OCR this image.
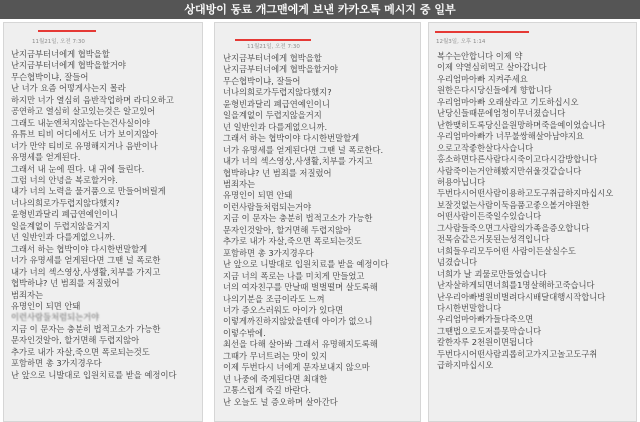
상대방이 동료 개그맨에게 보낸 카카오톡 메시지 중 일부
11월21일, 오전 7:30
난지금부터너에게 협박을할
난지금부터너에게 협박을할거야
무슨협박이냐, 잘들어
난 너가 요즘 어떻게사는지 몰라
하지만 너가 열심히 음반작업하며 라디오하고
공연하고 열심히 살고있는것은 알고있어
그래도 내눈엔쳐지않는다는건사실이야
유튜브 티비 어디에서도 너가 보이지않아
너가 만약 티비로 유명해지거나 음반이나
유명세를 얻게된다.
그래서 내 눈에 띈다. 내 귀에 들린다.
그럼 너의 안녕을 복로할거야.
내가 너의 노력을 물거품으로 만들어버릴게
너나의희로가두렵지않다했지?
윤형빈과달리 폐급연예인이니
일을계없이 두렵지않을거지
넌 일반인과 다를게없으니까.
그래서 하는 협박이야 다시한번말할게
너가 유명세를 얻게된다면 그땐 널 폭로한
내가 너의 섹스영상,사생활,치부를 가지고
협박하냐? 넌 범죄를 저질렀어
범죄자는
유명인이 되면 안돼
이런사람들처럼되는거야
지금 이 문자는 충분히 법적고소가 가능한
문자인것알아, 할거면해 두렵지않아
추가로 내가 자살,죽으면 폭로되는것도
포함하면 총 3가지경우다
난 앞으로 니발대로 입원치료를 받을 예정이다
11월21일, 오전 7:30
난지금부터너에게 협박을할
난지금부터너에게 협박을할거야
무슨협박이냐, 잘들어
너나의희로가두렵지않다했지?
윤형빈과달리 폐급연예인이니
일을계없이 두렵지않을거지
넌 일반인과 다를게없으니까.
그래서 하는 협박이야 다시한번말할게
너가 유명세를 얻게된다면 그땐 널 폭로한다.
내가 너의 섹스영상,사생활,치부를 가지고
협박하냐? 넌 범죄를 저질렀어
범죄자는
유명인이 되면 안돼
이런사람들처럼되는거야
지금 이 문자는 충분히 법적고소가 가능한
문자인것알아, 할거면해 두렵지않아
추가로 내가 자살,죽으면 폭로되는것도
포함하면 총 3가지경우다
난 앞으로 니발대로 입원치료를 받을 예정이다
지금 너의 폭로는 나를 미치게 만들었고
너의 여자친구를 만날때 벌벌떨며 살도록해
나의기분을 조금이라도 느껴
너가 증오스러워도 아이가 있다면
이렇게까진하지않았을텐데 아이가 없으니
이렇수밖에.
최선을 다해 살아봐 그래서 유명해지도록해
그때가 무너트려는 맛이 있지
이제 두번다시 너에게 문자보내지 않으마
넌 나중에 죽게된다면 최대한
고통스럽게 죽길 바란다.
난 오늘도 널 증오하며 살아간다
12월3일, 오후 1:14
복수는안합니다 이제 약
이제 약열심히먹고 살아갑니다
우리엄마아빠 지켜주세요
원한은다시당신들에게 향합니다
우리엄마아빠 오래살라고 기도하십시오
난당신들때문에엄청이무너졌습니다
난한맺히도록당신을원망하며죽을예이었습니다
우리엄마아빠가 너무불쌍해살아남야지요
으로고작좋한살다사습니다
홍소하면다른사람다시죽이고다시감방합니다
사람죽이는거안해봤지만쉬울것같습니다
허용아닙니다
두번다시어떤사람이용하고도구취급하지마십시오
보잘것없는사람이둑음품고좋으볼거야원한
어떤사람이든죽일수있습니다
그사람들죽으면그사람의가족을증오합니다
전목숨같은거못된는성격입니다
너희들우리모두어떤 사람이든살실수도
넘겼습니다
너희가 날 괴물로만들었습니다
난자살하게되면너희를1명살해하고죽습니다
난우리아빠병원비벌려다시배달대행시작합니다
다시한번말합니다
우리엄마아빠가들다죽으면
그땐법으로도저를못막습니다
칼한자루 2천원이면됩니다
두번다시어떤사람괴롭히고가지고놀고도구취
급하지마십시오
